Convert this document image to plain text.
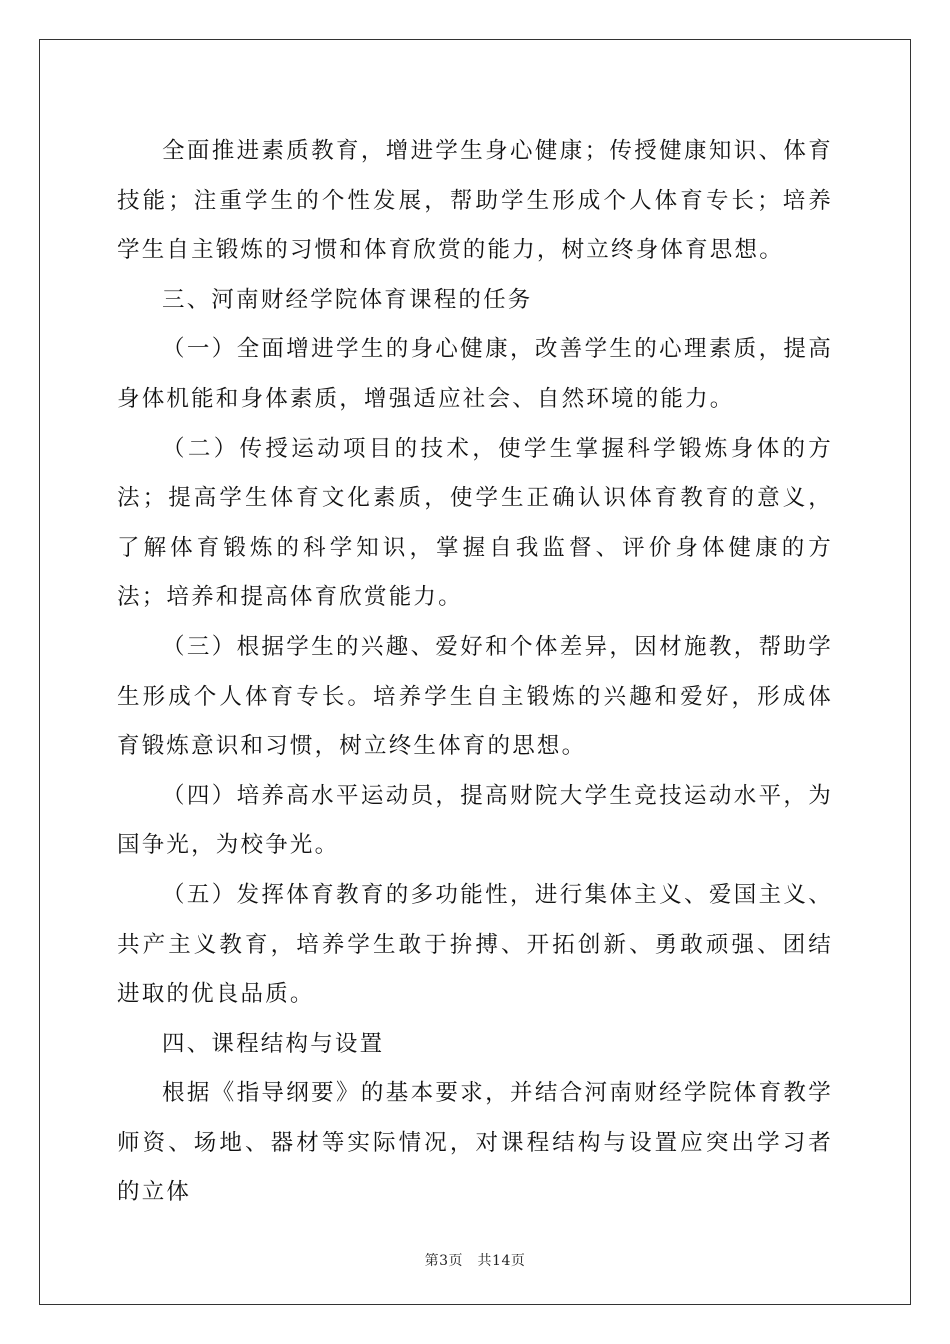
全面推进素质教育，增进学生身心健康；传授健康知识、体育技能；注重学生的个性发展，帮助学生形成个人体育专长；培养学生自主锻炼的习惯和体育欣赏的能力，树立终身体育思想。

三、河南财经学院体育课程的任务

（一）全面增进学生的身心健康，改善学生的心理素质，提高身体机能和身体素质，增强适应社会、自然环境的能力。

（二）传授运动项目的技术，使学生掌握科学锻炼身体的方法；提高学生体育文化素质，使学生正确认识体育教育的意义，了解体育锻炼的科学知识，掌握自我监督、评价身体健康的方法；培养和提高体育欣赏能力。

（三）根据学生的兴趣、爱好和个体差异，因材施教，帮助学生形成个人体育专长。培养学生自主锻炼的兴趣和爱好，形成体育锻炼意识和习惯，树立终生体育的思想。

（四）培养高水平运动员，提高财院大学生竞技运动水平，为国争光，为校争光。

（五）发挥体育教育的多功能性，进行集体主义、爱国主义、共产主义教育，培养学生敢于拚搏、开拓创新、勇敢顽强、团结进取的优良品质。

四、课程结构与设置

根据《指导纲要》的基本要求，并结合河南财经学院体育教学师资、场地、器材等实际情况，对课程结构与设置应突出学习者的立体

第3页　共14页
